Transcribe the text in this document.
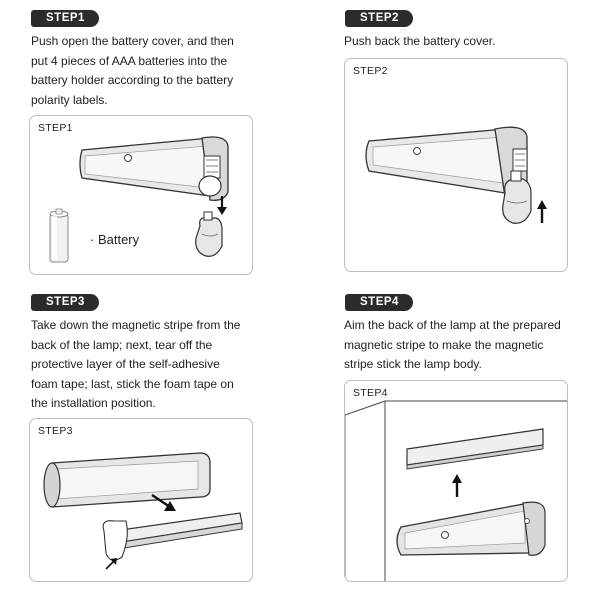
STEP1
Push open the battery cover, and then
put 4 pieces of AAA batteries into the
battery holder according to the battery
polarity labels.
STEP1
· Battery
STEP2
Push back the battery cover.
STEP2
STEP3
Take down the magnetic stripe from the
back of the lamp; next, tear off the
protective layer of the self-adhesive
foam tape; last, stick the foam tape on
the installation position.
STEP3
STEP4
Aim the back of the lamp at the prepared
magnetic stripe to make the magnetic
stripe stick the lamp body.
STEP4
